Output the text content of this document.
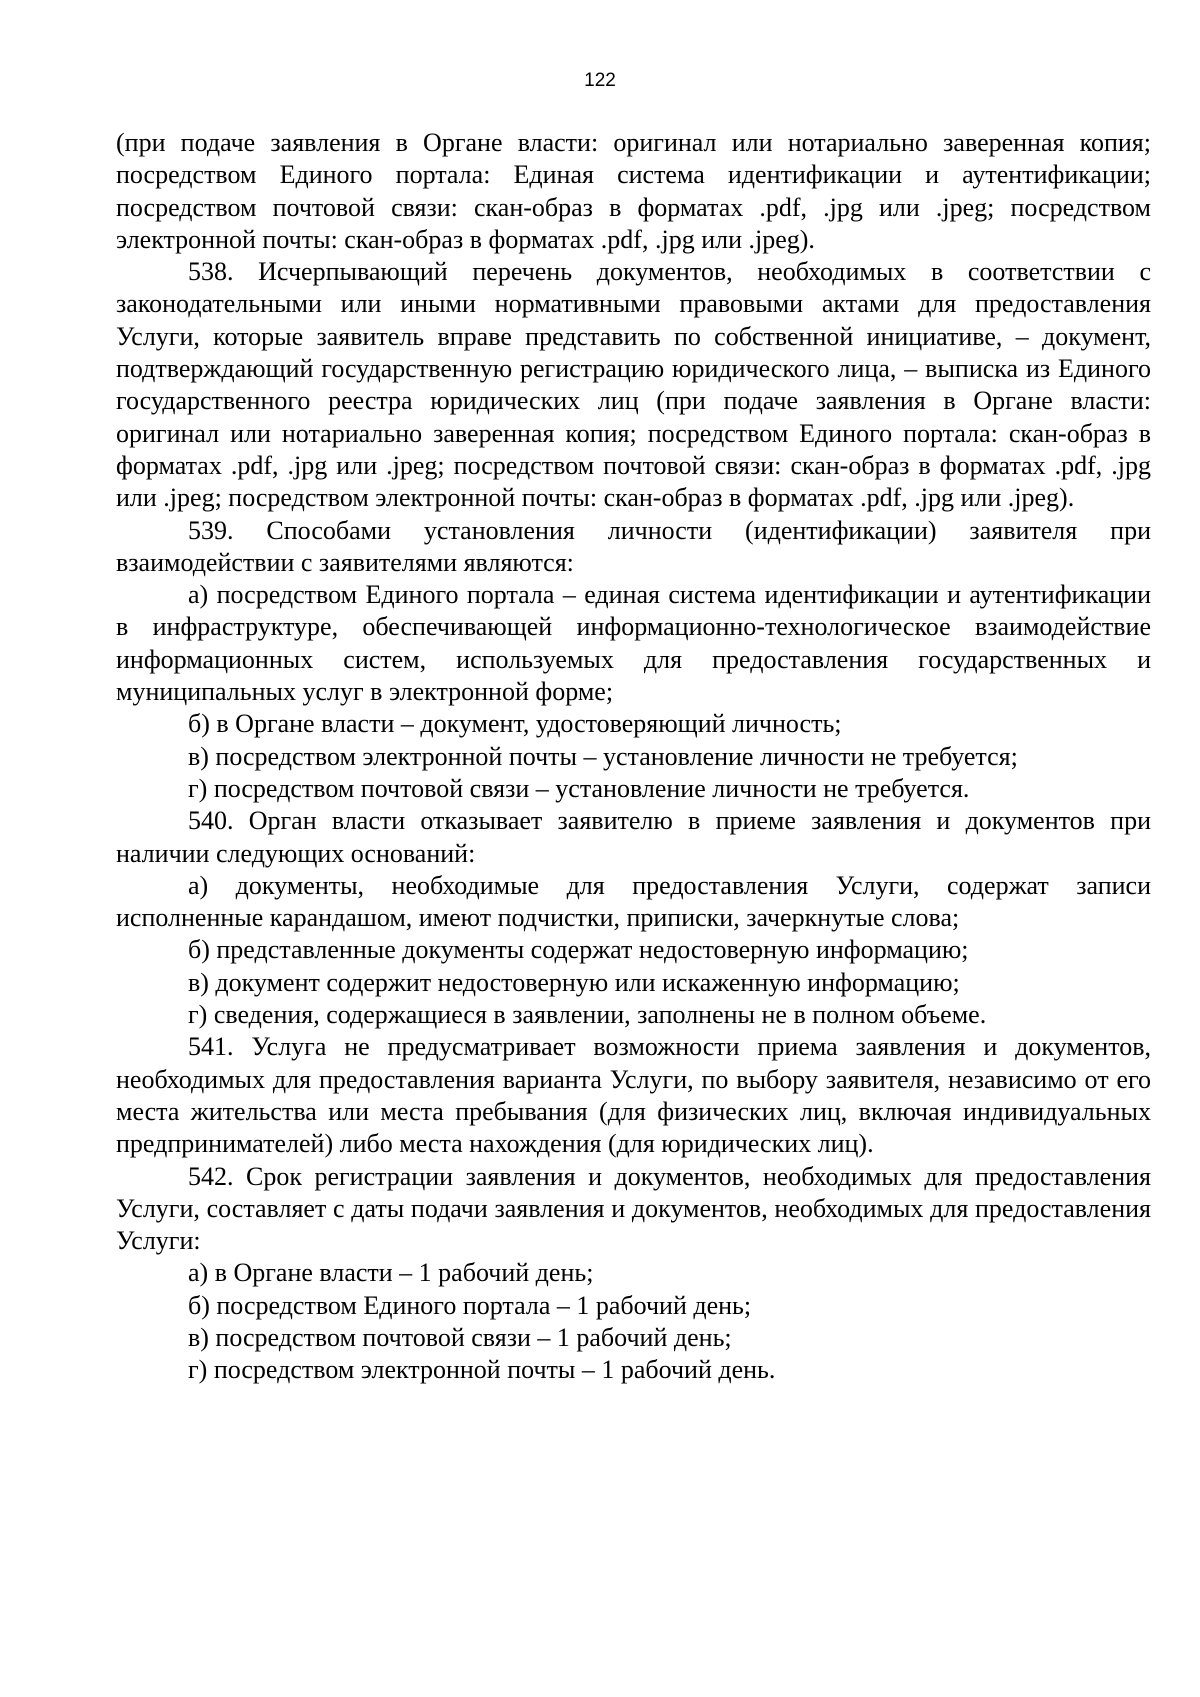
122

(при подаче заявления в Органе власти: оригинал или нотариально заверенная копия; посредством Единого портала: Единая система идентификации и аутентификации; посредством почтовой связи: скан-образ в форматах .pdf, .jpg или .jpeg; посредством электронной почты: скан-образ в форматах .pdf, .jpg или .jpeg).

538. Исчерпывающий перечень документов, необходимых в соответствии с законодательными или иными нормативными правовыми актами для предоставления Услуги, которые заявитель вправе представить по собственной инициативе, – документ, подтверждающий государственную регистрацию юридического лица, – выписка из Единого государственного реестра юридических лиц (при подаче заявления в Органе власти: оригинал или нотариально заверенная копия; посредством Единого портала: скан-образ в форматах .pdf, .jpg или .jpeg; посредством почтовой связи: скан-образ в форматах .pdf, .jpg или .jpeg; посредством электронной почты: скан-образ в форматах .pdf, .jpg или .jpeg).

539. Способами установления личности (идентификации) заявителя при взаимодействии с заявителями являются:

а) посредством Единого портала – единая система идентификации и аутентификации в инфраструктуре, обеспечивающей информационно-технологическое взаимодействие информационных систем, используемых для предоставления государственных и муниципальных услуг в электронной форме;

б) в Органе власти – документ, удостоверяющий личность;

в) посредством электронной почты – установление личности не требуется;

г) посредством почтовой связи – установление личности не требуется.

540. Орган власти отказывает заявителю в приеме заявления и документов при наличии следующих оснований:

а) документы, необходимые для предоставления Услуги, содержат записи исполненные карандашом, имеют подчистки, приписки, зачеркнутые слова;

б) представленные документы содержат недостоверную информацию;

в) документ содержит недостоверную или искаженную информацию;

г) сведения, содержащиеся в заявлении, заполнены не в полном объеме.

541. Услуга не предусматривает возможности приема заявления и документов, необходимых для предоставления варианта Услуги, по выбору заявителя, независимо от его места жительства или места пребывания (для физических лиц, включая индивидуальных предпринимателей) либо места нахождения (для юридических лиц).

542. Срок регистрации заявления и документов, необходимых для предоставления Услуги, составляет с даты подачи заявления и документов, необходимых для предоставления Услуги:

а) в Органе власти – 1 рабочий день;

б) посредством Единого портала – 1 рабочий день;

в) посредством почтовой связи – 1 рабочий день;

г) посредством электронной почты – 1 рабочий день.
